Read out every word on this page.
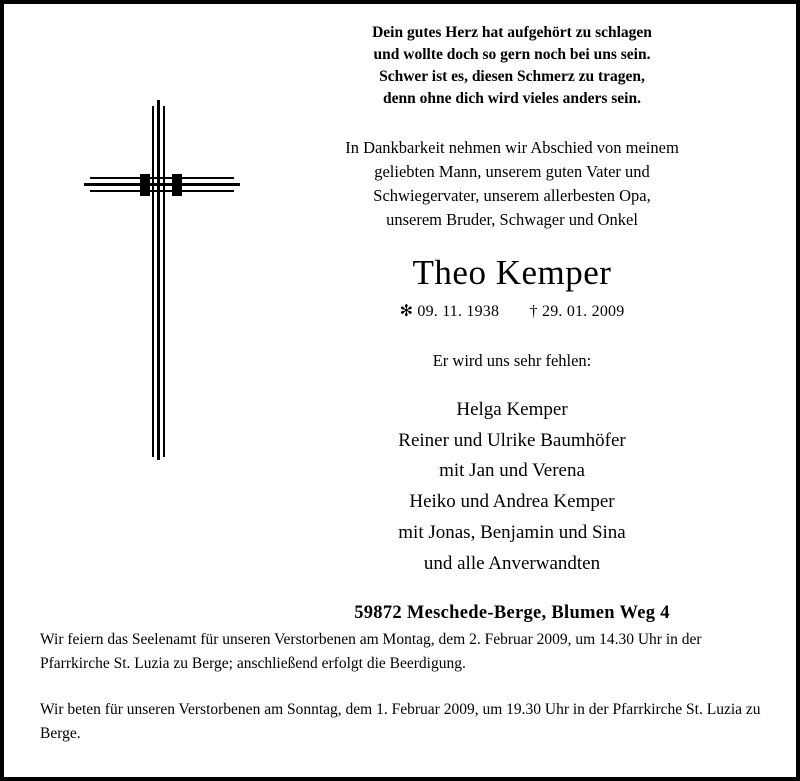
Dein gutes Herz hat aufgehört zu schlagen
und wollte doch so gern noch bei uns sein.
Schwer ist es, diesen Schmerz zu tragen,
denn ohne dich wird vieles anders sein.
In Dankbarkeit nehmen wir Abschied von meinem
geliebten Mann, unserem guten Vater und
Schwiegervater, unserem allerbesten Opa,
unserem Bruder, Schwager und Onkel
Theo Kemper
✻ 09. 11. 1938 † 29. 01. 2009
Er wird uns sehr fehlen:
Helga Kemper
Reiner und Ulrike Baumhöfer
mit Jan und Verena
Heiko und Andrea Kemper
mit Jonas, Benjamin und Sina
und alle Anverwandten
59872 Meschede-Berge, Blumen Weg 4

Wir feiern das Seelenamt für unseren Verstorbenen am Montag, dem 2. Februar 2009, um 14.30 Uhr in der Pfarrkirche St. Luzia zu Berge; anschließend erfolgt die Beerdigung.

Wir beten für unseren Verstorbenen am Sonntag, dem 1. Februar 2009, um 19.30 Uhr in der Pfarrkirche St. Luzia zu Berge.
